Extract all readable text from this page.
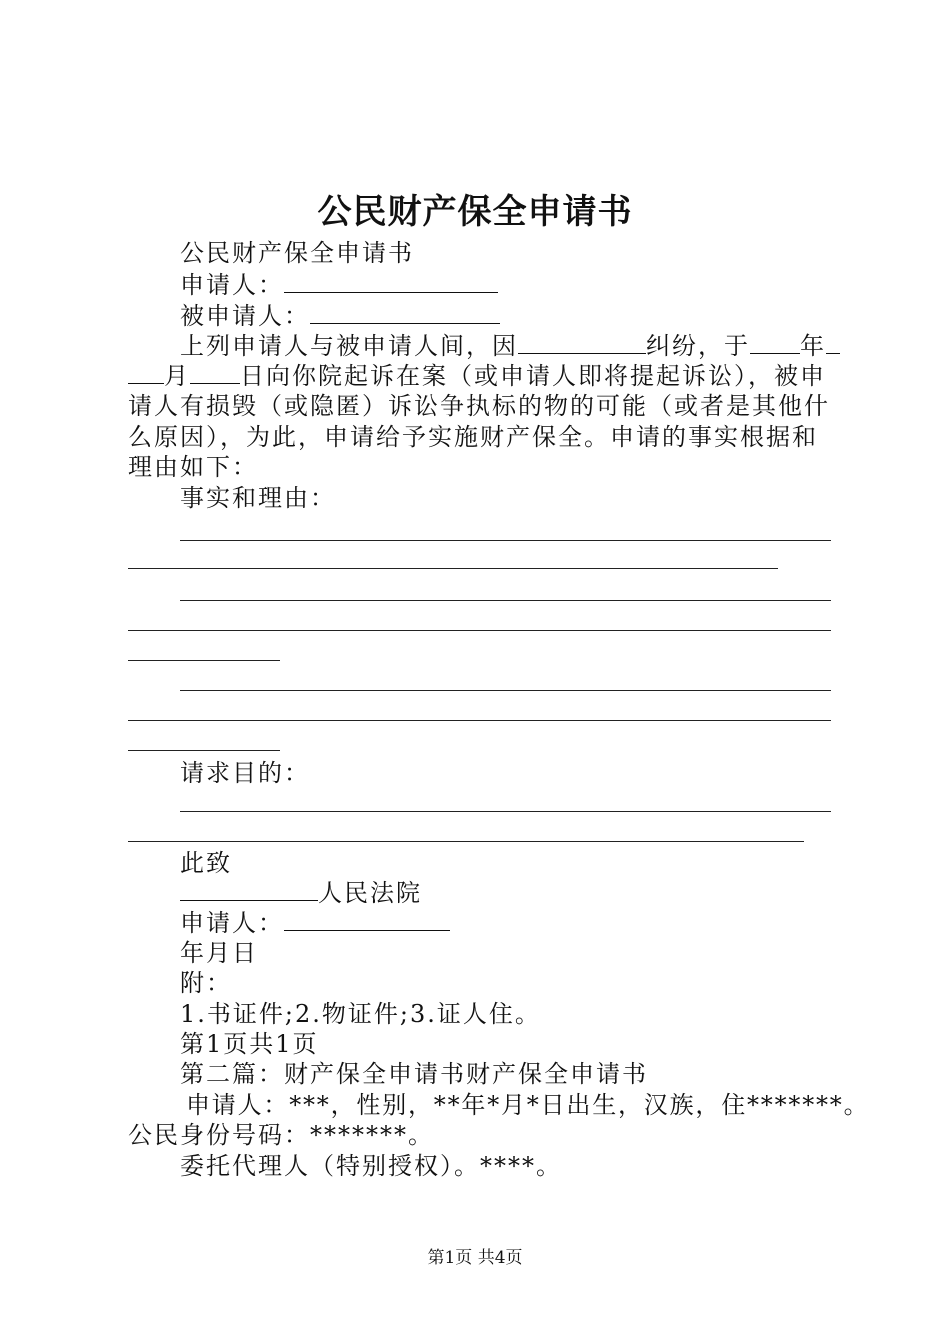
公民财产保全申请书
公民财产保全申请书
申请人：
被申请人：
上列申请人与被申请人间，因	纠纷，于 年
月 日向你院起诉在案（或申请人即将提起诉讼），被申
请人有损毁（或隐匿）诉讼争执标的物的可能（或者是其他什
么原因），为此，申请给予实施财产保全。申请的事实根据和
理由如下：
事实和理由：
请求目的：
此致
人民法院
申请人：
年月日
附：
1.书证件;2.物证件;3.证人住。
第1页共1页
第二篇：财产保全申请书财产保全申请书
申请人：***，性别，**年*月*日出生，汉族，住*******。
公民身份号码：*******。
委托代理人（特别授权）。****。
第1页 共4页
